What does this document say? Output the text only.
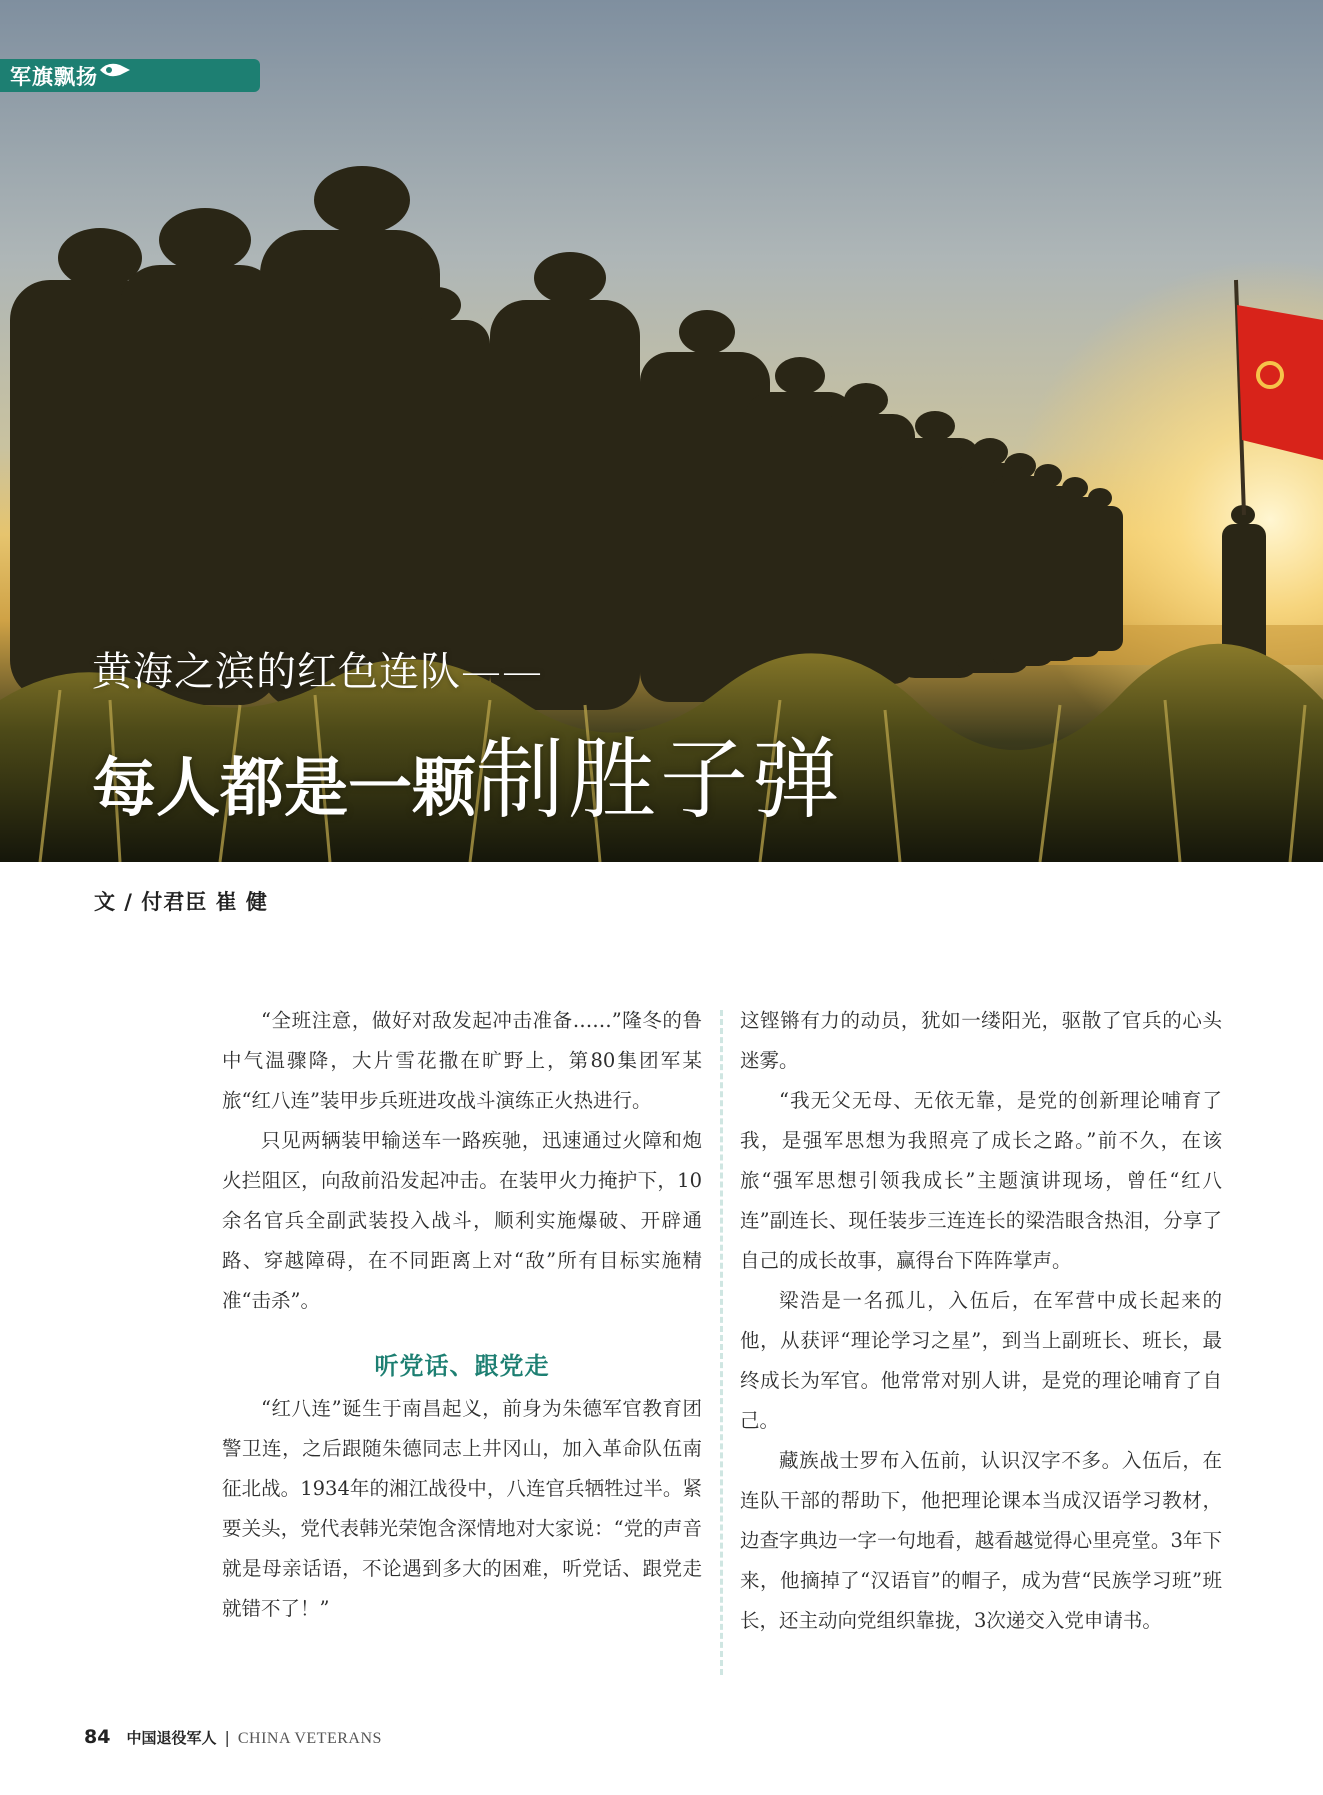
军旗飘扬
黄海之滨的红色连队——
每人都是一颗制胜子弹
文 / 付君臣 崔 健

“全班注意，做好对敌发起冲击准备……”隆冬的鲁中气温骤降，大片雪花撒在旷野上，第80集团军某旅“红八连”装甲步兵班进攻战斗演练正火热进行。

只见两辆装甲输送车一路疾驰，迅速通过火障和炮火拦阻区，向敌前沿发起冲击。在装甲火力掩护下，10余名官兵全副武装投入战斗，顺利实施爆破、开辟通路、穿越障碍，在不同距离上对“敌”所有目标实施精准“击杀”。

听党话、跟党走

“红八连”诞生于南昌起义，前身为朱德军官教育团警卫连，之后跟随朱德同志上井冈山，加入革命队伍南征北战。1934年的湘江战役中，八连官兵牺牲过半。紧要关头，党代表韩光荣饱含深情地对大家说：“党的声音就是母亲话语，不论遇到多大的困难，听党话、跟党走就错不了！”

这铿锵有力的动员，犹如一缕阳光，驱散了官兵的心头迷雾。

“我无父无母、无依无靠，是党的创新理论哺育了我，是强军思想为我照亮了成长之路。”前不久，在该旅“强军思想引领我成长”主题演讲现场，曾任“红八连”副连长、现任装步三连连长的梁浩眼含热泪，分享了自己的成长故事，赢得台下阵阵掌声。

梁浩是一名孤儿，入伍后，在军营中成长起来的他，从获评“理论学习之星”，到当上副班长、班长，最终成长为军官。他常常对别人讲，是党的理论哺育了自己。

藏族战士罗布入伍前，认识汉字不多。入伍后，在连队干部的帮助下，他把理论课本当成汉语学习教材，边查字典边一字一句地看，越看越觉得心里亮堂。3年下来，他摘掉了“汉语盲”的帽子，成为营“民族学习班”班长，还主动向党组织靠拢，3次递交入党申请书。

84 中国退役军人 | CHINA VETERANS
